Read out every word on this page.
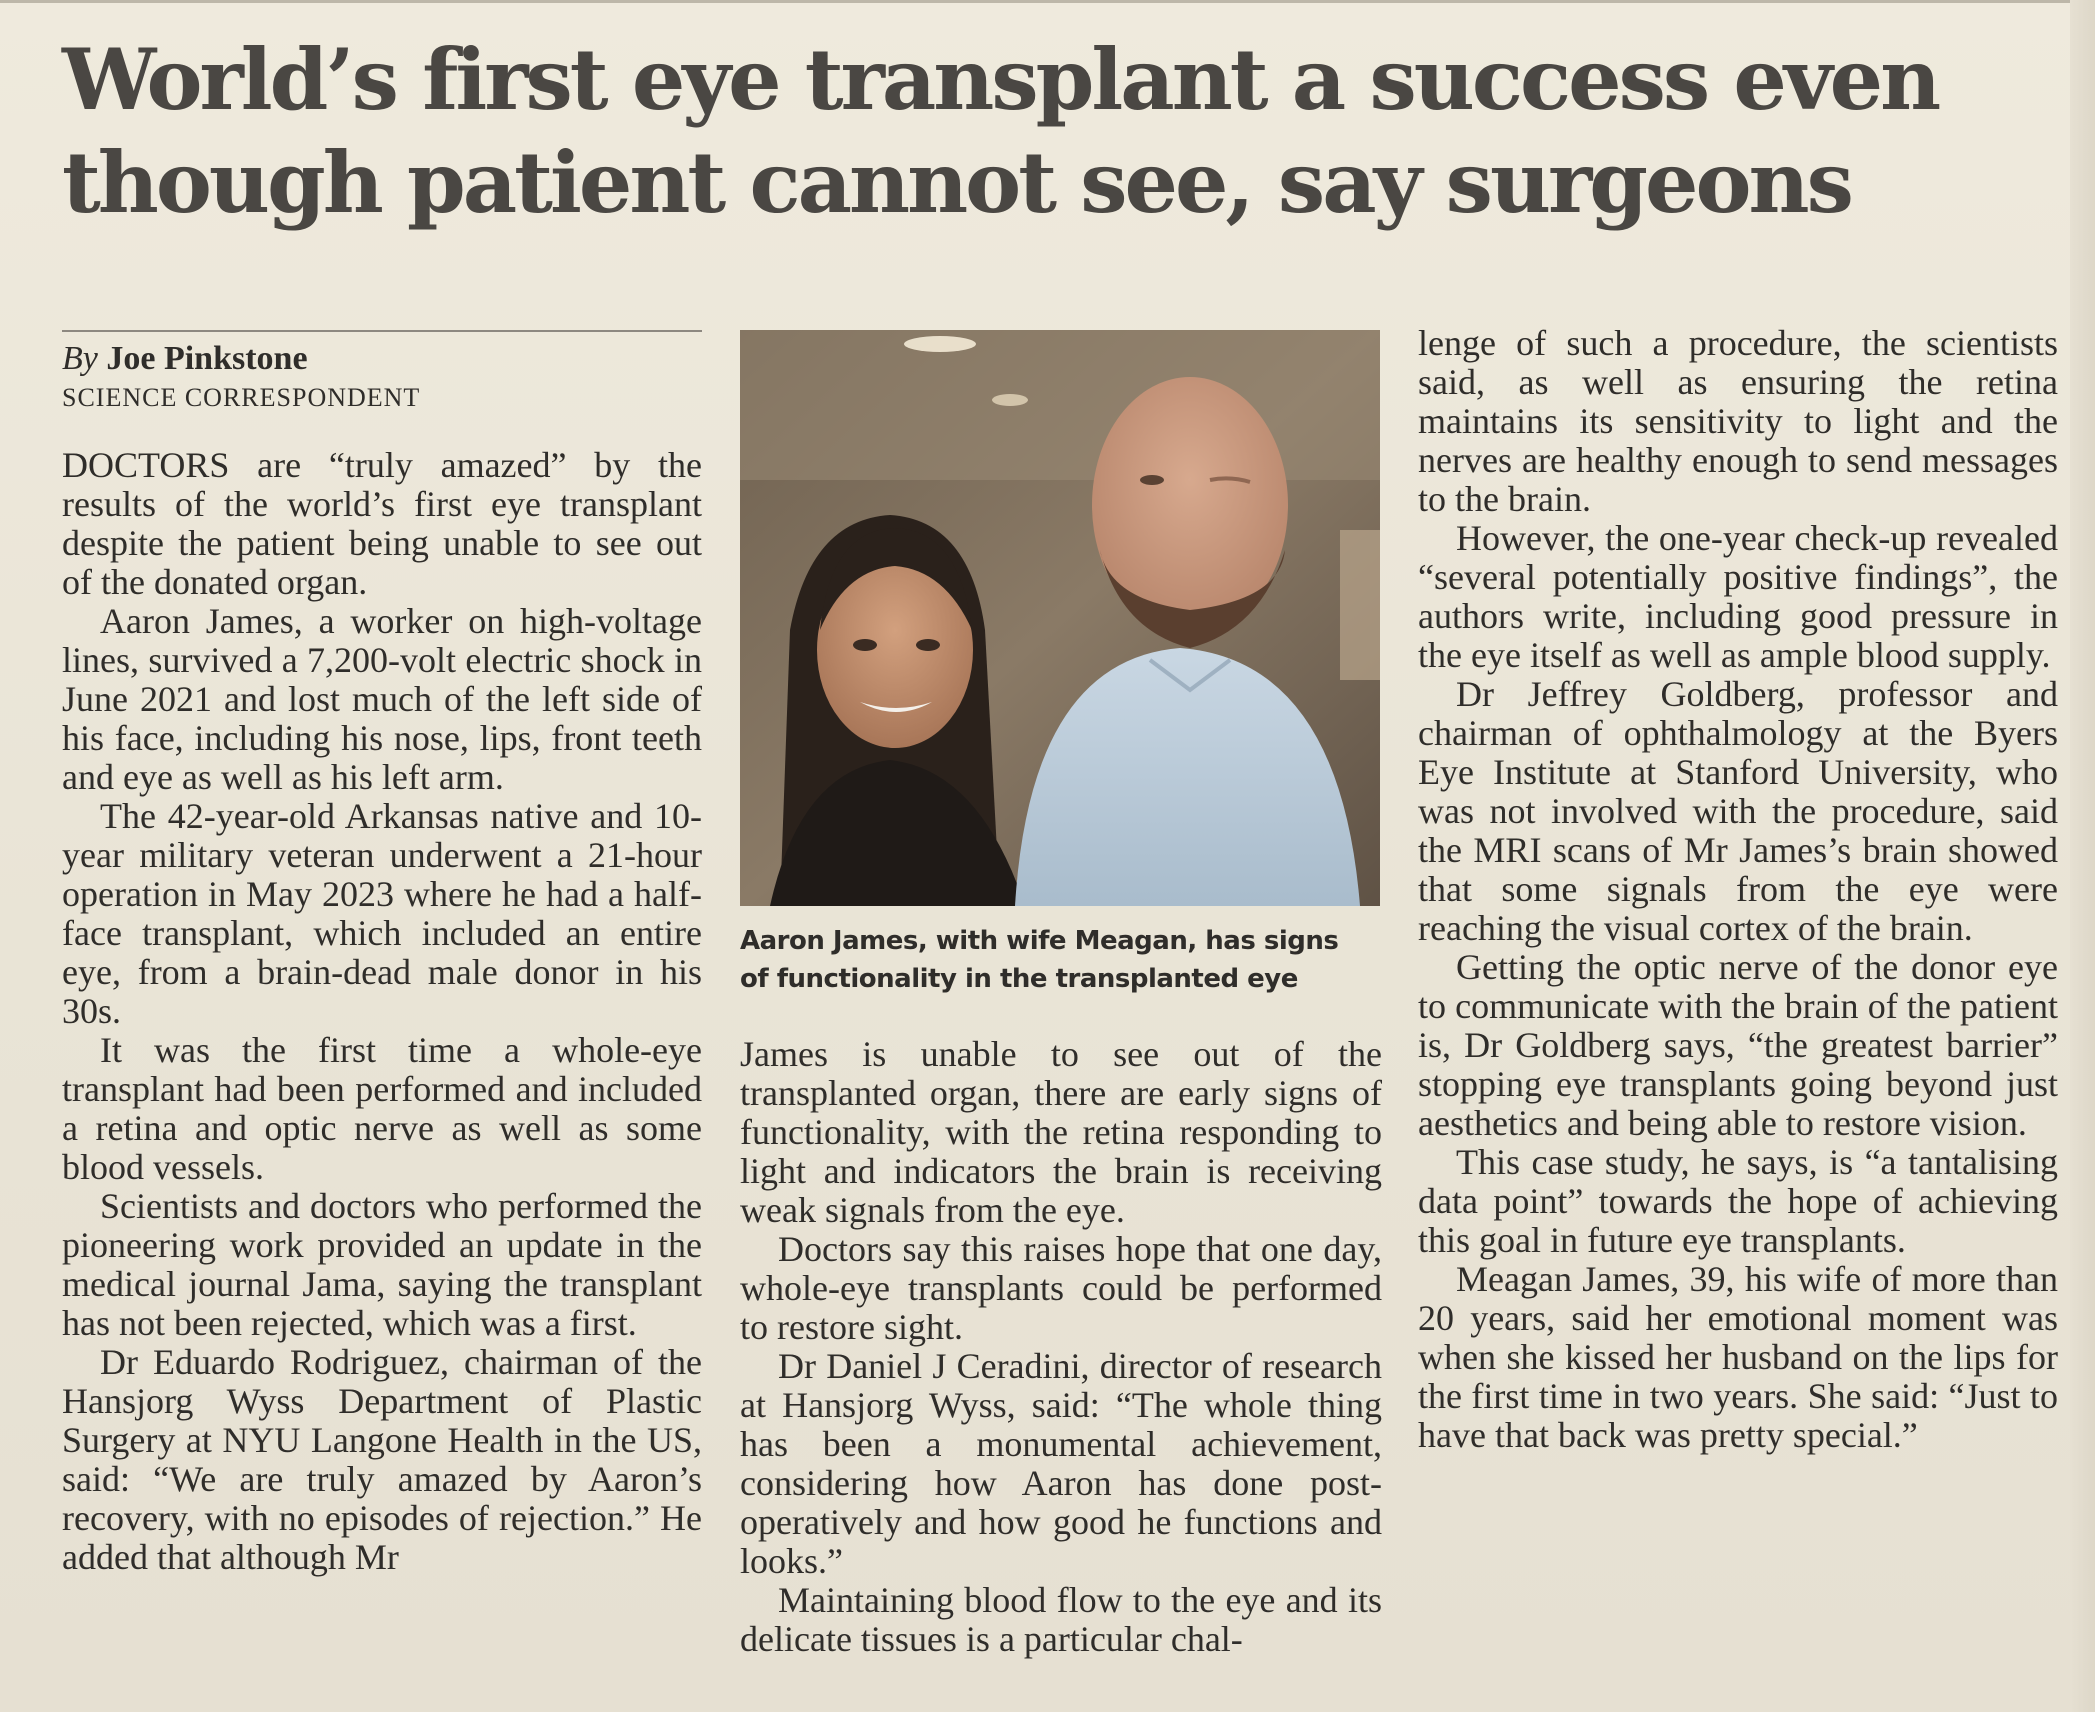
World’s first eye transplant a success even
though patient cannot see, say surgeons
By Joe Pinkstone
SCIENCE CORRESPONDENT

DOCTORS are “truly amazed” by the results of the world’s first eye transplant despite the patient being unable to see out of the donated organ.

Aaron James, a worker on high-voltage lines, survived a 7,200-volt electric shock in June 2021 and lost much of the left side of his face, including his nose, lips, front teeth and eye as well as his left arm.

The 42-year-old Arkansas native and 10-year military veteran underwent a 21-hour operation in May 2023 where he had a half-face transplant, which included an entire eye, from a brain-dead male donor in his 30s.

It was the first time a whole-eye transplant had been performed and included a retina and optic nerve as well as some blood vessels.

Scientists and doctors who performed the pioneering work provided an update in the medical journal Jama, saying the transplant has not been rejected, which was a first.

Dr Eduardo Rodriguez, chairman of the Hansjorg Wyss Department of Plastic Surgery at NYU Langone Health in the US, said: “We are truly amazed by Aaron’s recovery, with no episodes of rejection.” He added that although Mr

Aaron James, with wife Meagan, has signs
of functionality in the transplanted eye

James is unable to see out of the transplanted organ, there are early signs of functionality, with the retina responding to light and indicators the brain is receiving weak signals from the eye.

Doctors say this raises hope that one day, whole-eye transplants could be performed to restore sight.

Dr Daniel J Ceradini, director of research at Hansjorg Wyss, said: “The whole thing has been a monumental achievement, considering how Aaron has done post-operatively and how good he functions and looks.”

Maintaining blood flow to the eye and its delicate tissues is a particular chal-

lenge of such a procedure, the scientists said, as well as ensuring the retina maintains its sensitivity to light and the nerves are healthy enough to send messages to the brain.

However, the one-year check-up revealed “several potentially positive findings”, the authors write, including good pressure in the eye itself as well as ample blood supply.

Dr Jeffrey Goldberg, professor and chairman of ophthalmology at the Byers Eye Institute at Stanford University, who was not involved with the procedure, said the MRI scans of Mr James’s brain showed that some signals from the eye were reaching the visual cortex of the brain.

Getting the optic nerve of the donor eye to communicate with the brain of the patient is, Dr Goldberg says, “the greatest barrier” stopping eye transplants going beyond just aesthetics and being able to restore vision.

This case study, he says, is “a tantalising data point” towards the hope of achieving this goal in future eye transplants.

Meagan James, 39, his wife of more than 20 years, said her emotional moment was when she kissed her husband on the lips for the first time in two years. She said: “Just to have that back was pretty special.”
